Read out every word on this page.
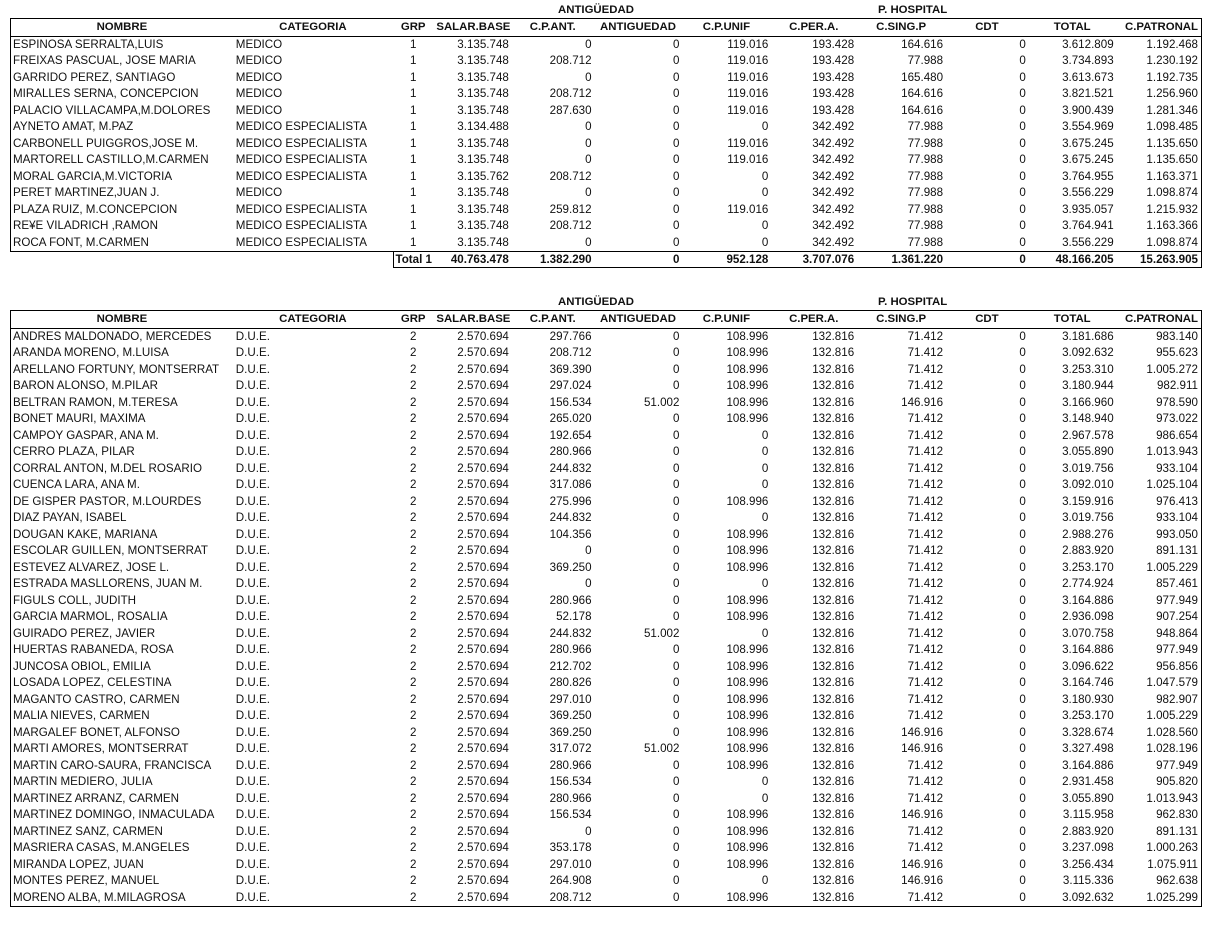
ANTIGÜEDAD	P. HOSPITAL
NOMBRE	CATEGORIA	GRP	SALAR.BASE	C.P.ANT.	ANTIGUEDAD	C.P.UNIF	C.PER.A.	C.SING.P	CDT	TOTAL	C.PATRONAL
ESPINOSA SERRALTA,LUIS	MEDICO	1	3.135.748	0	0	119.016	193.428	164.616	0	3.612.809	1.192.468
FREIXAS PASCUAL, JOSE MARIA	MEDICO	1	3.135.748	208.712	0	119.016	193.428	77.988	0	3.734.893	1.230.192
GARRIDO PEREZ, SANTIAGO	MEDICO	1	3.135.748	0	0	119.016	193.428	165.480	0	3.613.673	1.192.735
MIRALLES SERNA, CONCEPCION	MEDICO	1	3.135.748	208.712	0	119.016	193.428	164.616	0	3.821.521	1.256.960
PALACIO VILLACAMPA,M.DOLORES	MEDICO	1	3.135.748	287.630	0	119.016	193.428	164.616	0	3.900.439	1.281.346
AYNETO AMAT, M.PAZ	MEDICO ESPECIALISTA	1	3.134.488	0	0	0	342.492	77.988	0	3.554.969	1.098.485
CARBONELL PUIGGROS,JOSE M.	MEDICO ESPECIALISTA	1	3.135.748	0	0	119.016	342.492	77.988	0	3.675.245	1.135.650
MARTORELL CASTILLO,M.CARMEN	MEDICO ESPECIALISTA	1	3.135.748	0	0	119.016	342.492	77.988	0	3.675.245	1.135.650
MORAL GARCIA,M.VICTORIA	MEDICO ESPECIALISTA	1	3.135.762	208.712	0	0	342.492	77.988	0	3.764.955	1.163.371
PERET MARTINEZ,JUAN J.	MEDICO	1	3.135.748	0	0	0	342.492	77.988	0	3.556.229	1.098.874
PLAZA RUIZ, M.CONCEPCION	MEDICO ESPECIALISTA	1	3.135.748	259.812	0	119.016	342.492	77.988	0	3.935.057	1.215.932
RE¥E VILADRICH ,RAMON	MEDICO ESPECIALISTA	1	3.135.748	208.712	0	0	342.492	77.988	0	3.764.941	1.163.366
ROCA FONT, M.CARMEN	MEDICO ESPECIALISTA	1	3.135.748	0	0	0	342.492	77.988	0	3.556.229	1.098.874
		Total 1	40.763.478	1.382.290	0	952.128	3.707.076	1.361.220	0	48.166.205	15.263.905
ANTIGÜEDAD	P. HOSPITAL
NOMBRE	CATEGORIA	GRP	SALAR.BASE	C.P.ANT.	ANTIGUEDAD	C.P.UNIF	C.PER.A.	C.SING.P	CDT	TOTAL	C.PATRONAL
ANDRES MALDONADO, MERCEDES	D.U.E.	2	2.570.694	297.766	0	108.996	132.816	71.412	0	3.181.686	983.140
ARANDA MORENO, M.LUISA	D.U.E.	2	2.570.694	208.712	0	108.996	132.816	71.412	0	3.092.632	955.623
ARELLANO FORTUNY, MONTSERRAT	D.U.E.	2	2.570.694	369.390	0	108.996	132.816	71.412	0	3.253.310	1.005.272
BARON ALONSO, M.PILAR	D.U.E.	2	2.570.694	297.024	0	108.996	132.816	71.412	0	3.180.944	982.911
BELTRAN RAMON, M.TERESA	D.U.E.	2	2.570.694	156.534	51.002	108.996	132.816	146.916	0	3.166.960	978.590
BONET MAURI, MAXIMA	D.U.E.	2	2.570.694	265.020	0	108.996	132.816	71.412	0	3.148.940	973.022
CAMPOY GASPAR, ANA M.	D.U.E.	2	2.570.694	192.654	0	0	132.816	71.412	0	2.967.578	986.654
CERRO PLAZA, PILAR	D.U.E.	2	2.570.694	280.966	0	0	132.816	71.412	0	3.055.890	1.013.943
CORRAL ANTON, M.DEL ROSARIO	D.U.E.	2	2.570.694	244.832	0	0	132.816	71.412	0	3.019.756	933.104
CUENCA LARA, ANA M.	D.U.E.	2	2.570.694	317.086	0	0	132.816	71.412	0	3.092.010	1.025.104
DE GISPER PASTOR, M.LOURDES	D.U.E.	2	2.570.694	275.996	0	108.996	132.816	71.412	0	3.159.916	976.413
DIAZ PAYAN, ISABEL	D.U.E.	2	2.570.694	244.832	0	0	132.816	71.412	0	3.019.756	933.104
DOUGAN KAKE, MARIANA	D.U.E.	2	2.570.694	104.356	0	108.996	132.816	71.412	0	2.988.276	993.050
ESCOLAR GUILLEN, MONTSERRAT	D.U.E.	2	2.570.694	0	0	108.996	132.816	71.412	0	2.883.920	891.131
ESTEVEZ ALVAREZ, JOSE L.	D.U.E.	2	2.570.694	369.250	0	108.996	132.816	71.412	0	3.253.170	1.005.229
ESTRADA MASLLORENS, JUAN M.	D.U.E.	2	2.570.694	0	0	0	132.816	71.412	0	2.774.924	857.461
FIGULS COLL, JUDITH	D.U.E.	2	2.570.694	280.966	0	108.996	132.816	71.412	0	3.164.886	977.949
GARCIA MARMOL, ROSALIA	D.U.E.	2	2.570.694	52.178	0	108.996	132.816	71.412	0	2.936.098	907.254
GUIRADO PEREZ, JAVIER	D.U.E.	2	2.570.694	244.832	51.002	0	132.816	71.412	0	3.070.758	948.864
HUERTAS RABANEDA, ROSA	D.U.E.	2	2.570.694	280.966	0	108.996	132.816	71.412	0	3.164.886	977.949
JUNCOSA OBIOL, EMILIA	D.U.E.	2	2.570.694	212.702	0	108.996	132.816	71.412	0	3.096.622	956.856
LOSADA LOPEZ, CELESTINA	D.U.E.	2	2.570.694	280.826	0	108.996	132.816	71.412	0	3.164.746	1.047.579
MAGANTO CASTRO, CARMEN	D.U.E.	2	2.570.694	297.010	0	108.996	132.816	71.412	0	3.180.930	982.907
MALIA NIEVES, CARMEN	D.U.E.	2	2.570.694	369.250	0	108.996	132.816	71.412	0	3.253.170	1.005.229
MARGALEF BONET, ALFONSO	D.U.E.	2	2.570.694	369.250	0	108.996	132.816	146.916	0	3.328.674	1.028.560
MARTI AMORES, MONTSERRAT	D.U.E.	2	2.570.694	317.072	51.002	108.996	132.816	146.916	0	3.327.498	1.028.196
MARTIN CARO-SAURA, FRANCISCA	D.U.E.	2	2.570.694	280.966	0	108.996	132.816	71.412	0	3.164.886	977.949
MARTIN MEDIERO, JULIA	D.U.E.	2	2.570.694	156.534	0	0	132.816	71.412	0	2.931.458	905.820
MARTINEZ ARRANZ, CARMEN	D.U.E.	2	2.570.694	280.966	0	0	132.816	71.412	0	3.055.890	1.013.943
MARTINEZ DOMINGO, INMACULADA	D.U.E.	2	2.570.694	156.534	0	108.996	132.816	146.916	0	3.115.958	962.830
MARTINEZ SANZ, CARMEN	D.U.E.	2	2.570.694	0	0	108.996	132.816	71.412	0	2.883.920	891.131
MASRIERA CASAS, M.ANGELES	D.U.E.	2	2.570.694	353.178	0	108.996	132.816	71.412	0	3.237.098	1.000.263
MIRANDA LOPEZ, JUAN	D.U.E.	2	2.570.694	297.010	0	108.996	132.816	146.916	0	3.256.434	1.075.911
MONTES PEREZ, MANUEL	D.U.E.	2	2.570.694	264.908	0	0	132.816	146.916	0	3.115.336	962.638
MORENO ALBA, M.MILAGROSA	D.U.E.	2	2.570.694	208.712	0	108.996	132.816	71.412	0	3.092.632	1.025.299
